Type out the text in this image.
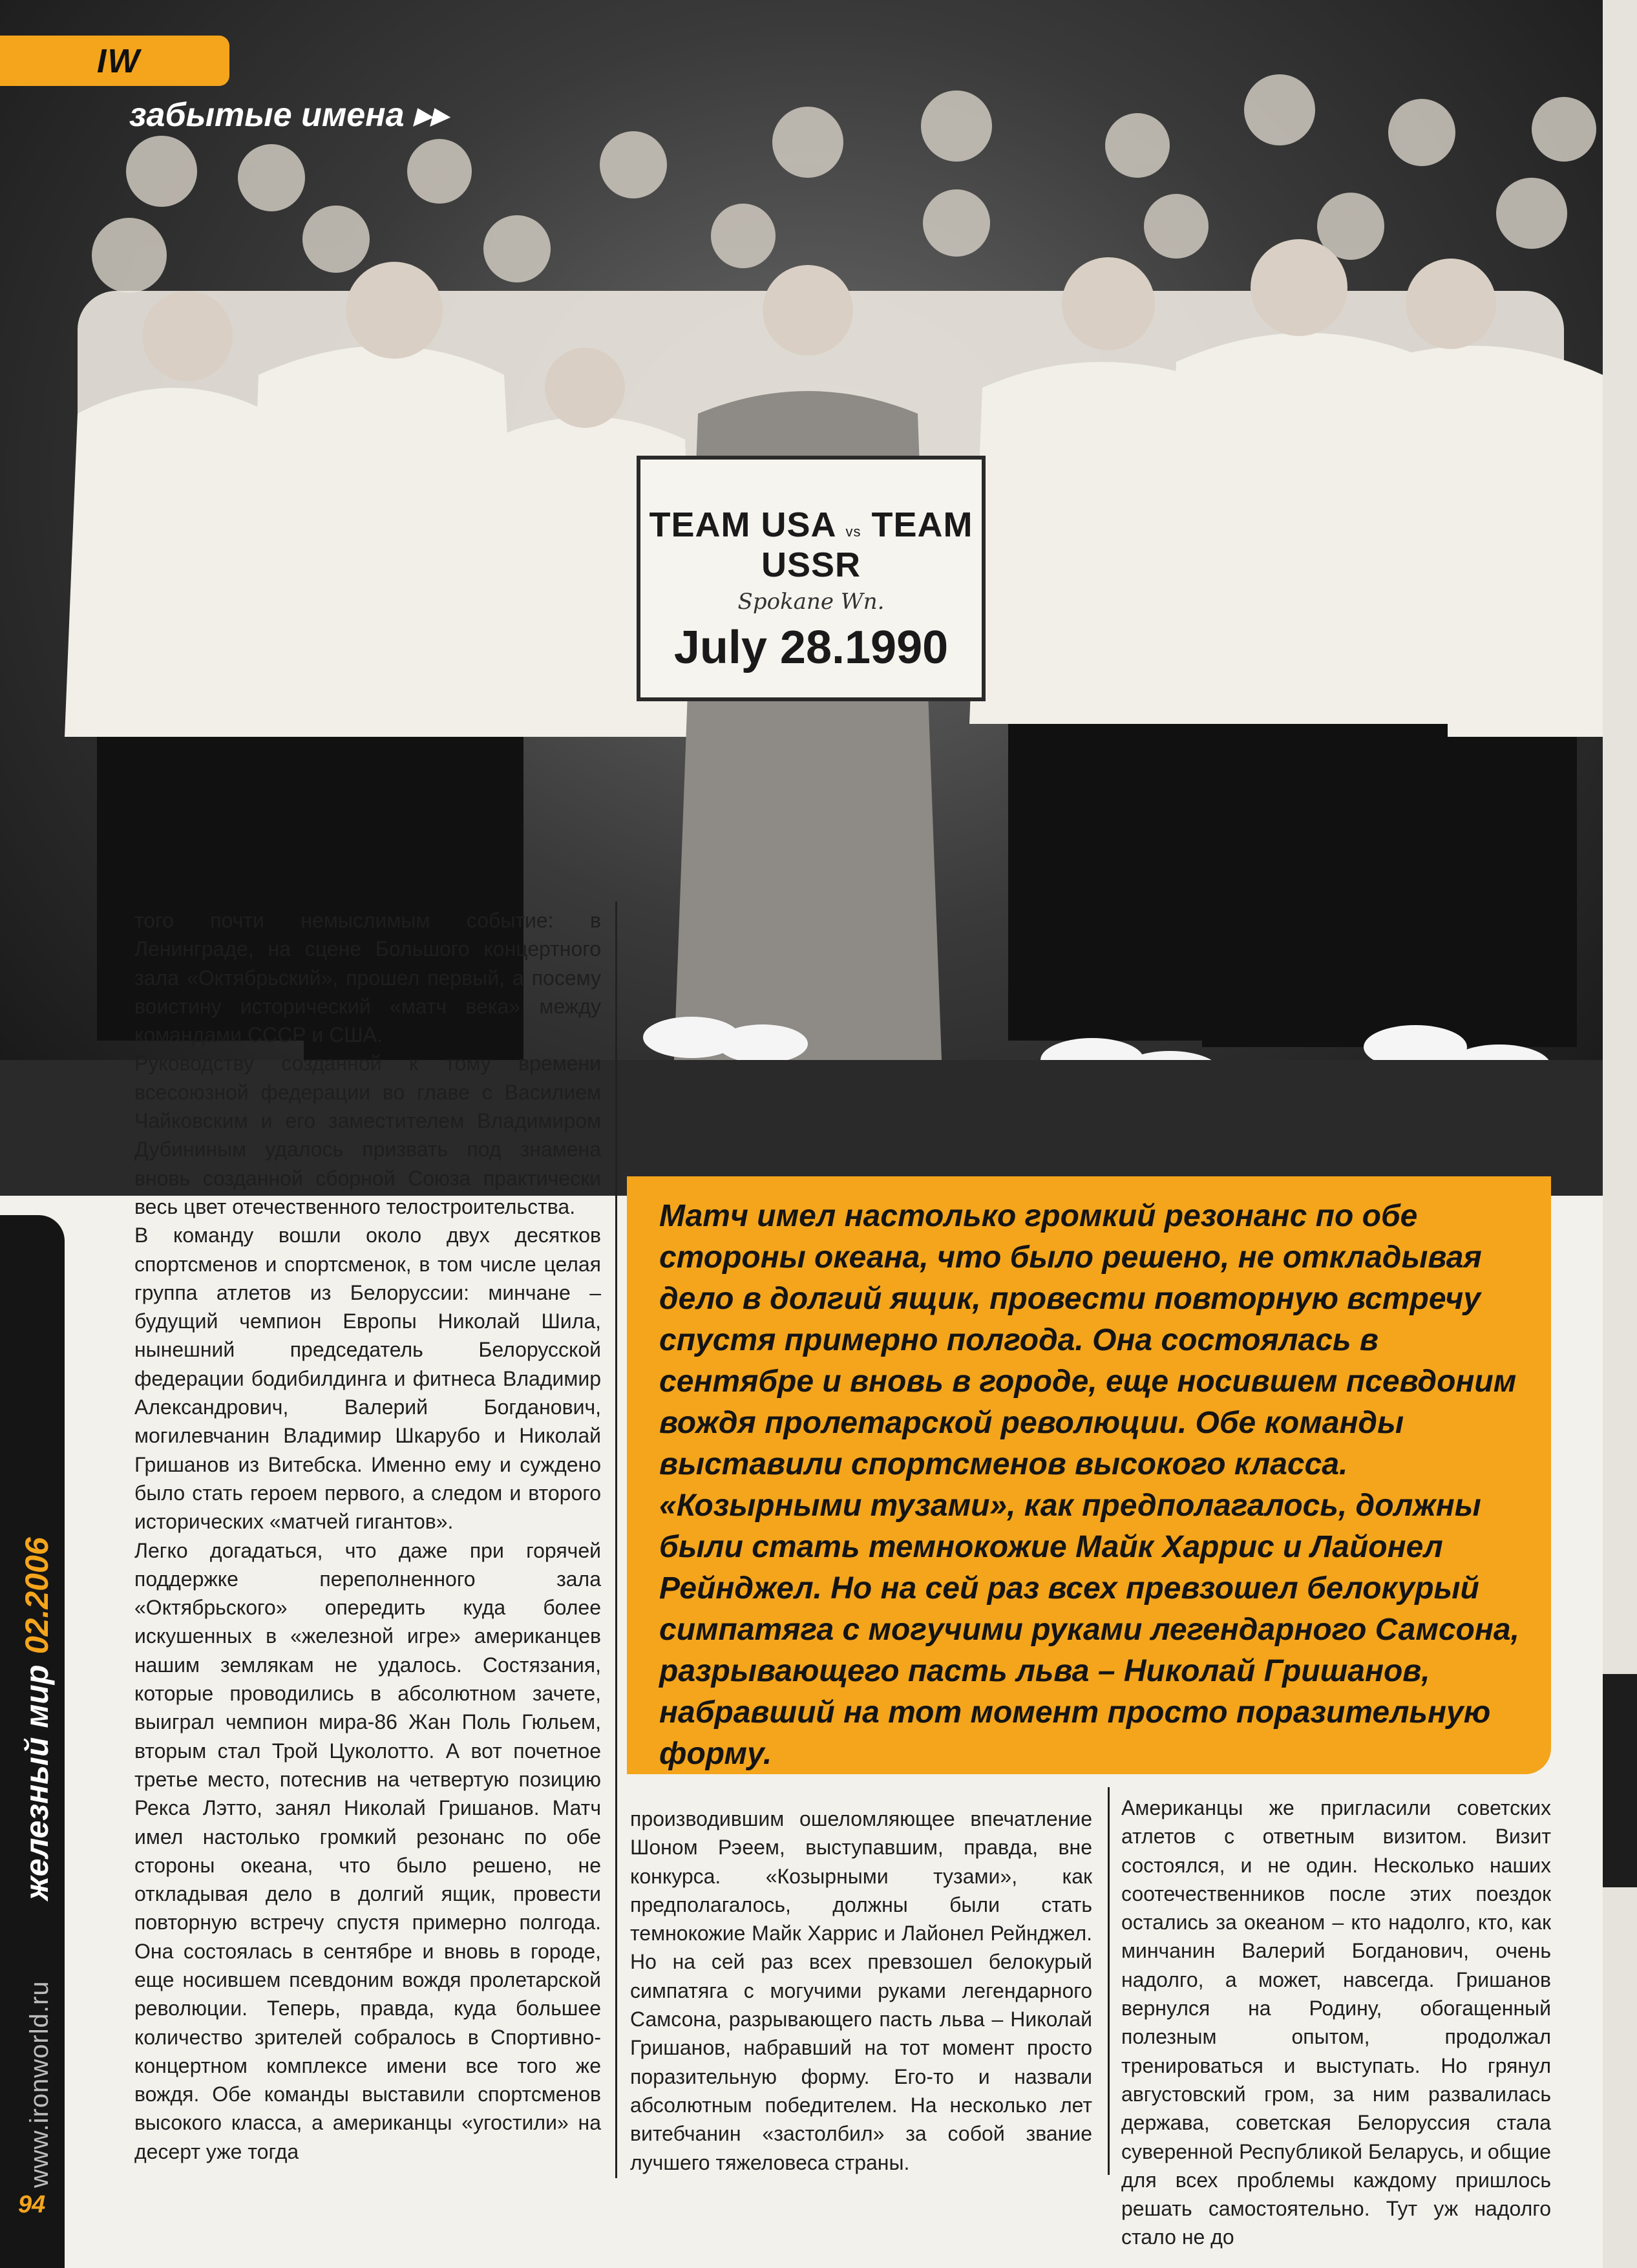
IW
забытые имена ▸▸
TEAM USA vs TEAM USSR
Spokane Wn.
July 28.1990

того почти немыслимым событие: в Ленинграде, на сцене Большого концертного зала «Октябрьский», прошел первый, а посему воистину исторический «матч века» между командами СССР и США.

Руководству созданной к тому времени всесоюзной федерации во главе с Василием Чайковским и его заместителем Владимиром Дубининым удалось призвать под знамена вновь созданной сборной Союза практически весь цвет отечественного телостроительства.

В команду вошли около двух десятков спортсменов и спортсменок, в том числе целая группа атлетов из Белоруссии: минчане – будущий чемпион Европы Николай Шила, нынешний председатель Белорусской федерации бодибилдинга и фитнеса Владимир Александрович, Валерий Богданович, могилевчанин Владимир Шкарубо и Николай Гришанов из Витебска. Именно ему и суждено было стать героем первого, а следом и второго исторических «матчей гигантов».

Легко догадаться, что даже при горячей поддержке переполненного зала «Октябрьского» опередить куда более искушенных в «железной игре» американцев нашим землякам не удалось. Состязания, которые проводились в абсолютном зачете, выиграл чемпион мира-86 Жан Поль Гюльем, вторым стал Трой Цуколотто. А вот почетное третье место, потеснив на четвертую позицию Рекса Лэтто, занял Николай Гришанов. Матч имел настолько громкий резонанс по обе стороны океана, что было решено, не откладывая дело в долгий ящик, провести повторную встречу спустя примерно полгода. Она состоялась в сентябре и вновь в городе, еще носившем псевдоним вождя пролетарской революции. Теперь, правда, куда большее количество зрителей собралось в Спортивно-концертном комплексе имени все того же вождя. Обе команды выставили спортсменов высокого класса, а американцы «угостили» на десерт уже тогда

Матч имел настолько громкий резонанс по обе стороны океана, что было решено, не откладывая дело в долгий ящик, провести повторную встречу спустя примерно полгода. Она состоялась в сентябре и вновь в городе, еще носившем псевдоним вождя пролетарской революции. Обе команды выставили спортсменов высокого класса. «Козырными тузами», как предполагалось, должны были стать темнокожие Майк Харрис и Лайонел Рейнджел. Но на сей раз всех превзошел белокурый симпатяга с могучими руками легендарного Самсона, разрывающего пасть льва – Николай Гришанов, набравший на тот момент просто поразительную форму.

производившим ошеломляющее впечатление Шоном Рэеем, выступавшим, правда, вне конкурса. «Козырными тузами», как предполагалось, должны были стать темнокожие Майк Харрис и Лайонел Рейнджел. Но на сей раз всех превзошел белокурый симпатяга с могучими руками легендарного Самсона, разрывающего пасть льва – Николай Гришанов, набравший на тот момент просто поразительную форму. Его-то и назвали абсолютным победителем. На несколько лет витебчанин «застолбил» за собой звание лучшего тяжеловеса страны.

Американцы же пригласили советских атлетов с ответным визитом. Визит состоялся, и не один. Несколько наших соотечественников после этих поездок остались за океаном – кто надолго, кто, как минчанин Валерий Богданович, очень надолго, а может, навсегда. Гришанов вернулся на Родину, обогащенный полезным опытом, продолжал тренироваться и выступать. Но грянул августовский гром, за ним развалилась держава, советская Белоруссия стала суверенной Республикой Беларусь, и общие для всех проблемы каждому пришлось решать самостоятельно. Тут уж надолго стало не до

www.ironworld.ru железный мир 02.2006
94
